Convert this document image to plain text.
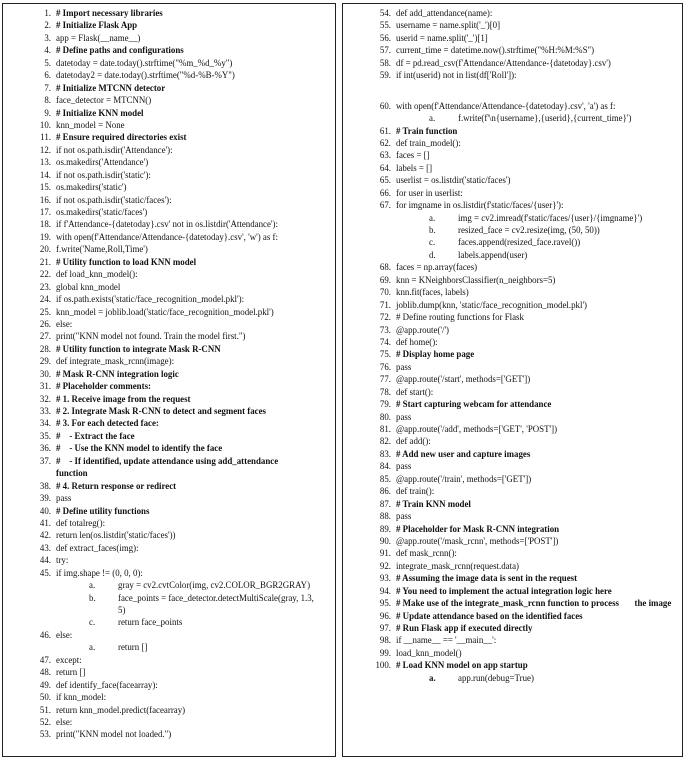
1. # Import necessary libraries
2. # Initialize Flask App
3. app = Flask(__name__)
4. # Define paths and configurations
5. datetoday = date.today().strftime("%m_%d_%y")
6. datetoday2 = date.today().strftime("%d-%B-%Y")
7. # Initialize MTCNN detector
8. face_detector = MTCNN()
9. # Initialize KNN model
10. knn_model = None
11. # Ensure required directories exist
12. if not os.path.isdir('Attendance'):
13. os.makedirs('Attendance')
14. if not os.path.isdir('static'):
15. os.makedirs('static')
16. if not os.path.isdir('static/faces'):
17. os.makedirs('static/faces')
18. if f'Attendance-{datetoday}.csv' not in os.listdir('Attendance'):
19. with open(f'Attendance/Attendance-{datetoday}.csv', 'w') as f:
20. f.write('Name,Roll,Time')
21. # Utility function to load KNN model
22. def load_knn_model():
23. global knn_model
24. if os.path.exists('static/face_recognition_model.pkl'):
25. knn_model = joblib.load('static/face_recognition_model.pkl')
26. else:
27. print("KNN model not found. Train the model first.")
28. # Utility function to integrate Mask R-CNN
29. def integrate_mask_rcnn(image):
30. # Mask R-CNN integration logic
31. # Placeholder comments:
32. # 1. Receive image from the request
33. # 2. Integrate Mask R-CNN to detect and segment faces
34. # 3. For each detected face:
35. #    - Extract the face
36. #    - Use the KNN model to identify the face
37. #    - If identified, update attendance using add_attendance
function
38. # 4. Return response or redirect
39. pass
40. # Define utility functions
41. def totalreg():
42. return len(os.listdir('static/faces'))
43. def extract_faces(img):
44. try:
45. if img.shape != (0, 0, 0):
a.	gray = cv2.cvtColor(img, cv2.COLOR_BGR2GRAY)
b.	face_points = face_detector.detectMultiScale(gray, 1.3,
5)
c.	return face_points
46. else:
a.	return []
47. except:
48. return []
49. def identify_face(facearray):
50. if knn_model:
51. return knn_model.predict(facearray)
52. else:
53. print("KNN model not loaded.")
54. def add_attendance(name):
55. username = name.split('_')[0]
56. userid = name.split('_')[1]
57. current_time = datetime.now().strftime("%H:%M:%S")
58. df = pd.read_csv(f'Attendance/Attendance-{datetoday}.csv')
59. if int(userid) not in list(df['Roll']):
60. with open(f'Attendance/Attendance-{datetoday}.csv', 'a') as f:
a.	f.write(f'\n{username},{userid},{current_time}')
61. # Train function
62. def train_model():
63. faces = []
64. labels = []
65. userlist = os.listdir('static/faces')
66. for user in userlist:
67. for imgname in os.listdir(f'static/faces/{user}'):
a.	img = cv2.imread(f'static/faces/{user}/{imgname}')
b.	resized_face = cv2.resize(img, (50, 50))
c.	faces.append(resized_face.ravel())
d.	labels.append(user)
68. faces = np.array(faces)
69. knn = KNeighborsClassifier(n_neighbors=5)
70. knn.fit(faces, labels)
71. joblib.dump(knn, 'static/face_recognition_model.pkl')
72. # Define routing functions for Flask
73. @app.route('/')
74. def home():
75. # Display home page
76. pass
77. @app.route('/start', methods=['GET'])
78. def start():
79. # Start capturing webcam for attendance
80. pass
81. @app.route('/add', methods=['GET', 'POST'])
82. def add():
83. # Add new user and capture images
84. pass
85. @app.route('/train', methods=['GET'])
86. def train():
87. # Train KNN model
88. pass
89. # Placeholder for Mask R-CNN integration
90. @app.route('/mask_rcnn', methods=['POST'])
91. def mask_rcnn():
92. integrate_mask_rcnn(request.data)
93. # Assuming the image data is sent in the request
94. # You need to implement the actual integration logic here
95. # Make use of the integrate_mask_rcnn function to process       the image
96. # Update attendance based on the identified faces
97. # Run Flask app if executed directly
98. if __name__ == '__main__':
99. load_knn_model()
100. # Load KNN model on app startup
a.	app.run(debug=True)
